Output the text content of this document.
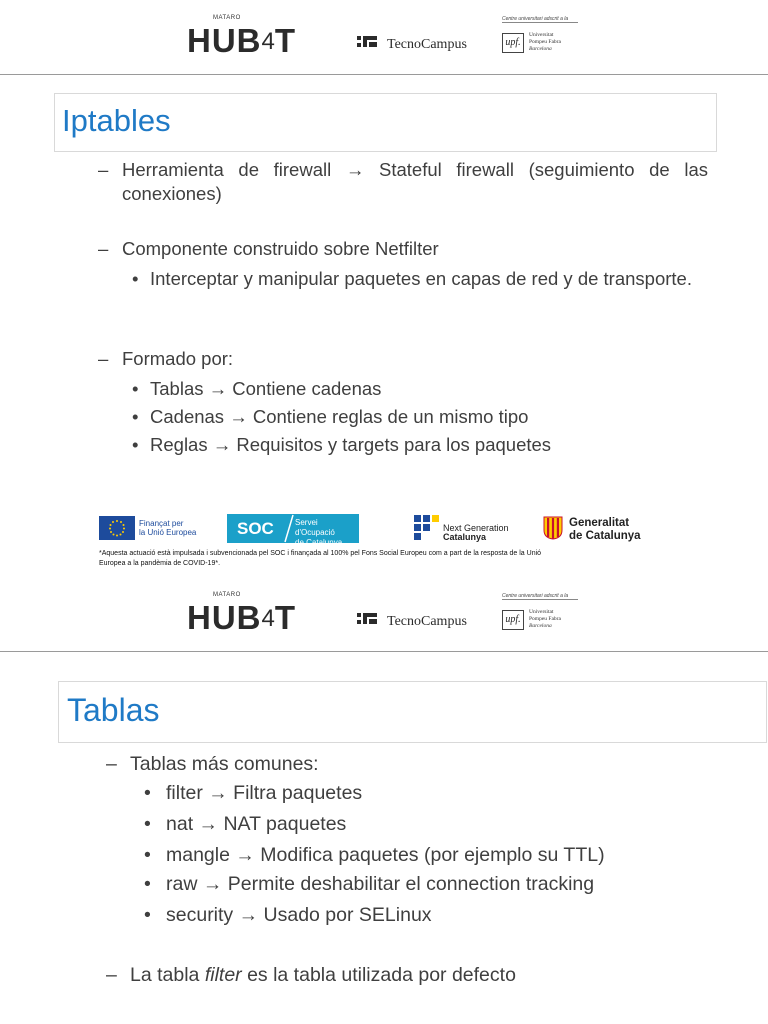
MATARO
HUB4T	TecnoCampus
Centre universitari adscrit a la
upf.
Universitat
Pompeu Fabra
Barcelona
Iptables
– Herramienta de firewall → Stateful firewall (seguimiento de las conexiones)
– Componente construido sobre Netfilter
• Interceptar y manipular paquetes en capas de red y de transporte.
– Formado por:
• Tablas → Contiene cadenas
• Cadenas → Contiene reglas de un mismo tipo
• Reglas → Requisitos y targets para los paquetes
Finançat per
la Unió Europea SOC	Servei d'Ocupació
de Catalunya
Next Generation
Catalunya
Generalitat
de Catalunya
*Aquesta actuació està impulsada i subvencionada pel SOC i finançada al 100% pel Fons Social Europeu com a part de la resposta de la Unió
Europea a la pandèmia de COVID-19*.
MATARO
HUB4T	TecnoCampus
Centre universitari adscrit a la
upf.
Universitat
Pompeu Fabra
Barcelona
Tablas
– Tablas más comunes:
• filter → Filtra paquetes
• nat → NAT paquetes
• mangle → Modifica paquetes (por ejemplo su TTL)
• raw → Permite deshabilitar el connection tracking
• security → Usado por SELinux
– La tabla filter es la tabla utilizada por defecto
